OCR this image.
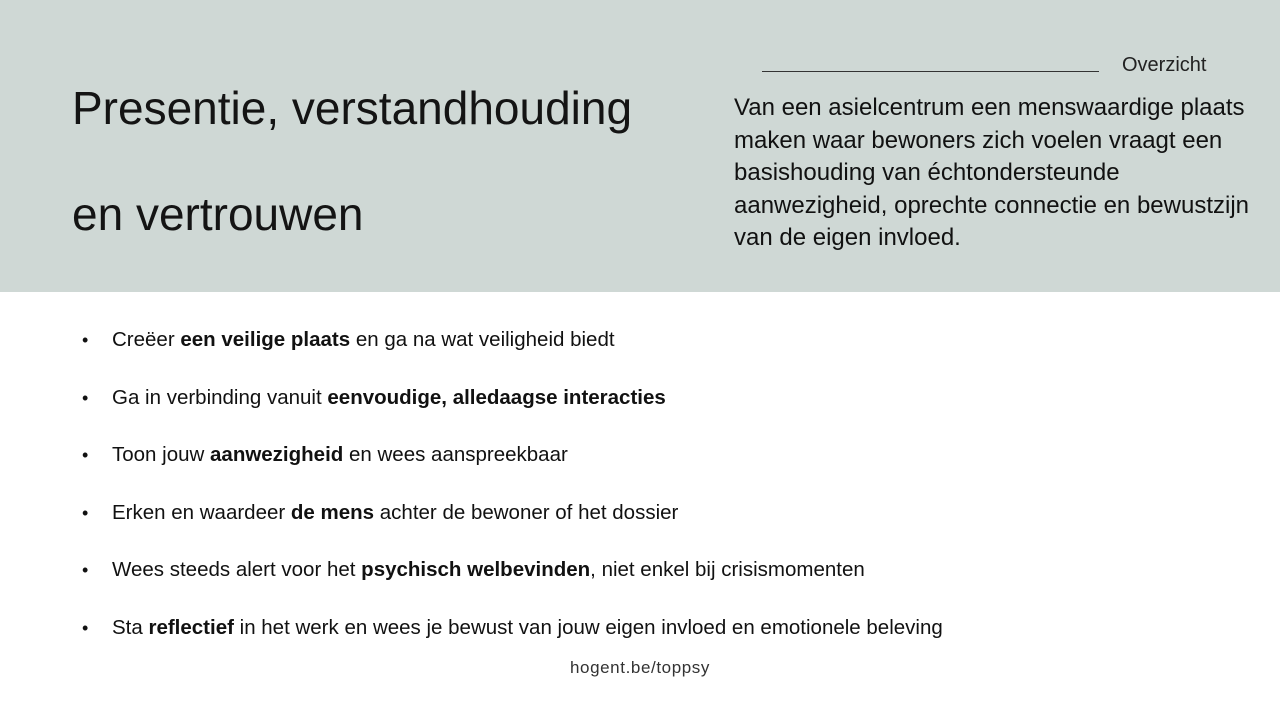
Presentie, verstandhouding
en vertrouwen
Overzicht

Van een asielcentrum een menswaardige plaats maken waar bewoners zich voelen vraagt een basishouding van échtondersteunde aanwezigheid, oprechte connectie en bewustzijn van de eigen invloed.

• Creëer een veilige plaats en ga na wat veiligheid biedt
• Ga in verbinding vanuit eenvoudige, alledaagse interacties
• Toon jouw aanwezigheid en wees aanspreekbaar
• Erken en waardeer de mens achter de bewoner of het dossier
• Wees steeds alert voor het psychisch welbevinden, niet enkel bij crisismomenten
• Sta reflectief in het werk en wees je bewust van jouw eigen invloed en emotionele beleving
hogent.be/toppsy
